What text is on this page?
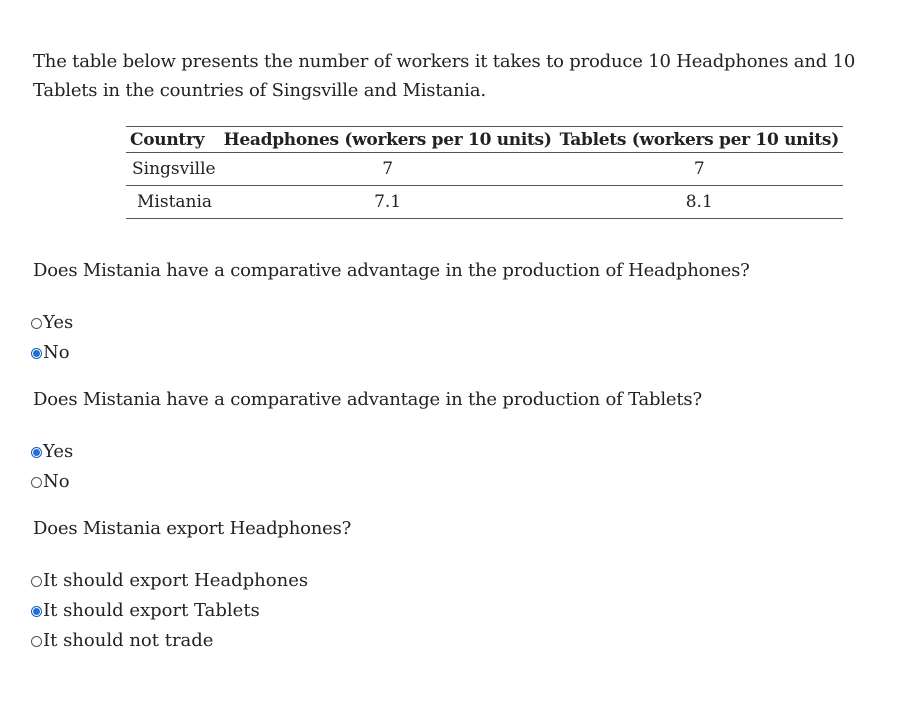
The table below presents the number of workers it takes to produce 10 Headphones and 10 Tablets in the countries of Singsville and Mistania.

Country	Headphones (workers per 10 units)	Tablets (workers per 10 units)
Singsville	7	7
Mistania	7.1	8.1

Does Mistania have a comparative advantage in the production of Headphones?

Yes
No

Does Mistania have a comparative advantage in the production of Tablets?

Yes
No

Does Mistania export Headphones?

It should export Headphones
It should export Tablets
It should not trade
